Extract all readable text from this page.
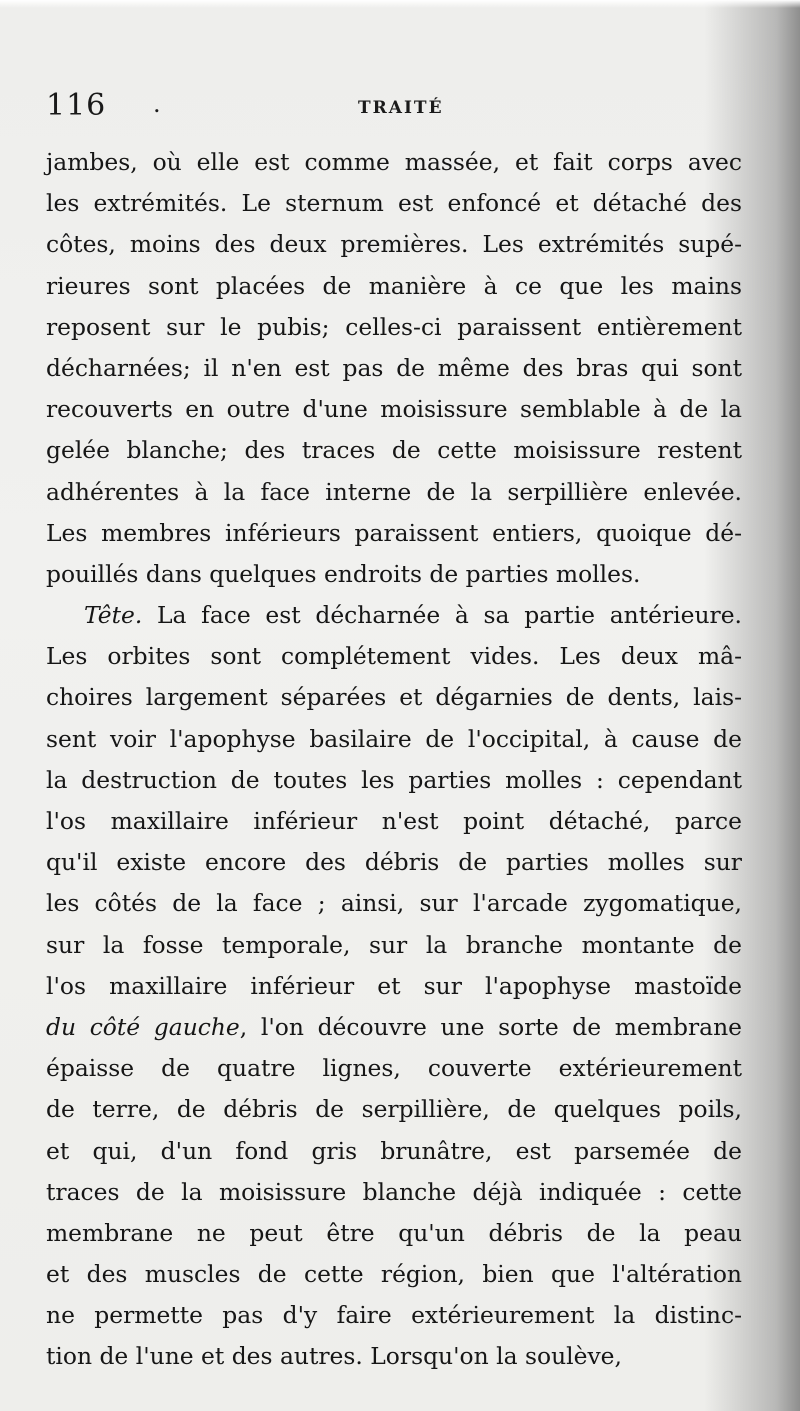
116 .	TRAITÉ
jambes, où elle est comme massée, et fait corps avec
les extrémités. Le sternum est enfoncé et détaché des
côtes, moins des deux premières. Les extrémités supé-
rieures sont placées de manière à ce que les mains
reposent sur le pubis; celles-ci paraissent entièrement
décharnées; il n'en est pas de même des bras qui sont
recouverts en outre d'une moisissure semblable à de la
gelée blanche; des traces de cette moisissure restent
adhérentes à la face interne de la serpillière enlevée.
Les membres inférieurs paraissent entiers, quoique dé-
pouillés dans quelques endroits de parties molles.
Tête. La face est décharnée à sa partie antérieure.
Les orbites sont complétement vides. Les deux mâ-
choires largement séparées et dégarnies de dents, lais-
sent voir l'apophyse basilaire de l'occipital, à cause de
la destruction de toutes les parties molles : cependant
l'os maxillaire inférieur n'est point détaché, parce
qu'il existe encore des débris de parties molles sur
les côtés de la face ; ainsi, sur l'arcade zygomatique,
sur la fosse temporale, sur la branche montante de
l'os maxillaire inférieur et sur l'apophyse mastoïde
du côté gauche, l'on découvre une sorte de membrane
épaisse de quatre lignes, couverte extérieurement
de terre, de débris de serpillière, de quelques poils,
et qui, d'un fond gris brunâtre, est parsemée de
traces de la moisissure blanche déjà indiquée : cette
membrane ne peut être qu'un débris de la peau
et des muscles de cette région, bien que l'altération
ne permette pas d'y faire extérieurement la distinc-
tion de l'une et des autres. Lorsqu'on la soulève,
